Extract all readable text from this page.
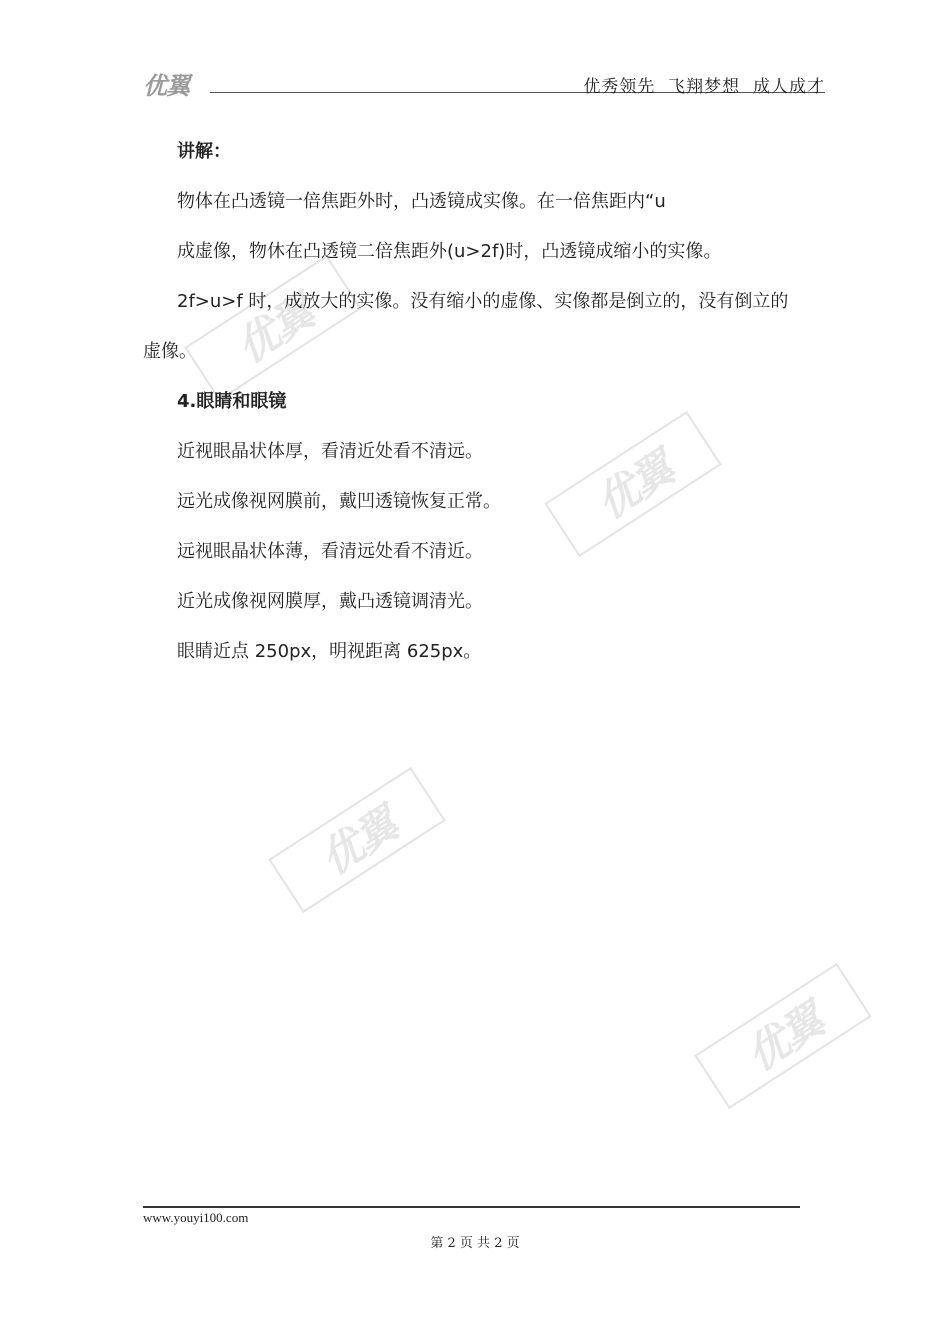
优翼	优秀领先  飞翔梦想  成人成才
优翼
优翼
优翼
优翼
讲解：
物体在凸透镜一倍焦距外时，凸透镜成实像。在一倍焦距内“u
成虚像，物休在凸透镜二倍焦距外(u>2f)时，凸透镜成缩小的实像。
2f>u>f 时，成放大的实像。没有缩小的虚像、实像都是倒立的，没有倒立的
虚像。
4.眼睛和眼镜
近视眼晶状体厚，看清近处看不清远。
远光成像视网膜前，戴凹透镜恢复正常。
远视眼晶状体薄，看清远处看不清近。
近光成像视网膜厚，戴凸透镜调清光。
眼睛近点 250px，明视距离 625px。
www.youyi100.com
第 2 页 共 2 页
